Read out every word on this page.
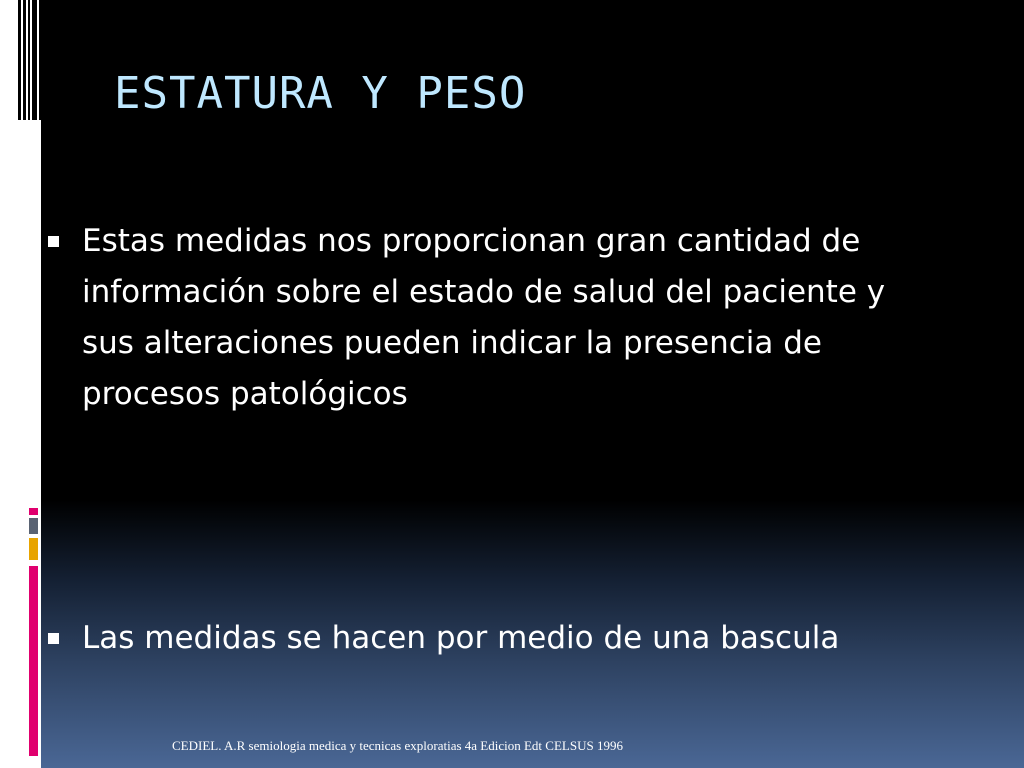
ESTATURA Y PESO
Estas medidas nos proporcionan gran cantidad de información sobre el estado de salud del paciente y sus alteraciones pueden indicar la presencia de procesos patológicos
Las medidas se hacen por medio de una bascula
CEDIEL. A.R semiologia medica y tecnicas exploratias 4a Edicion Edt CELSUS 1996
